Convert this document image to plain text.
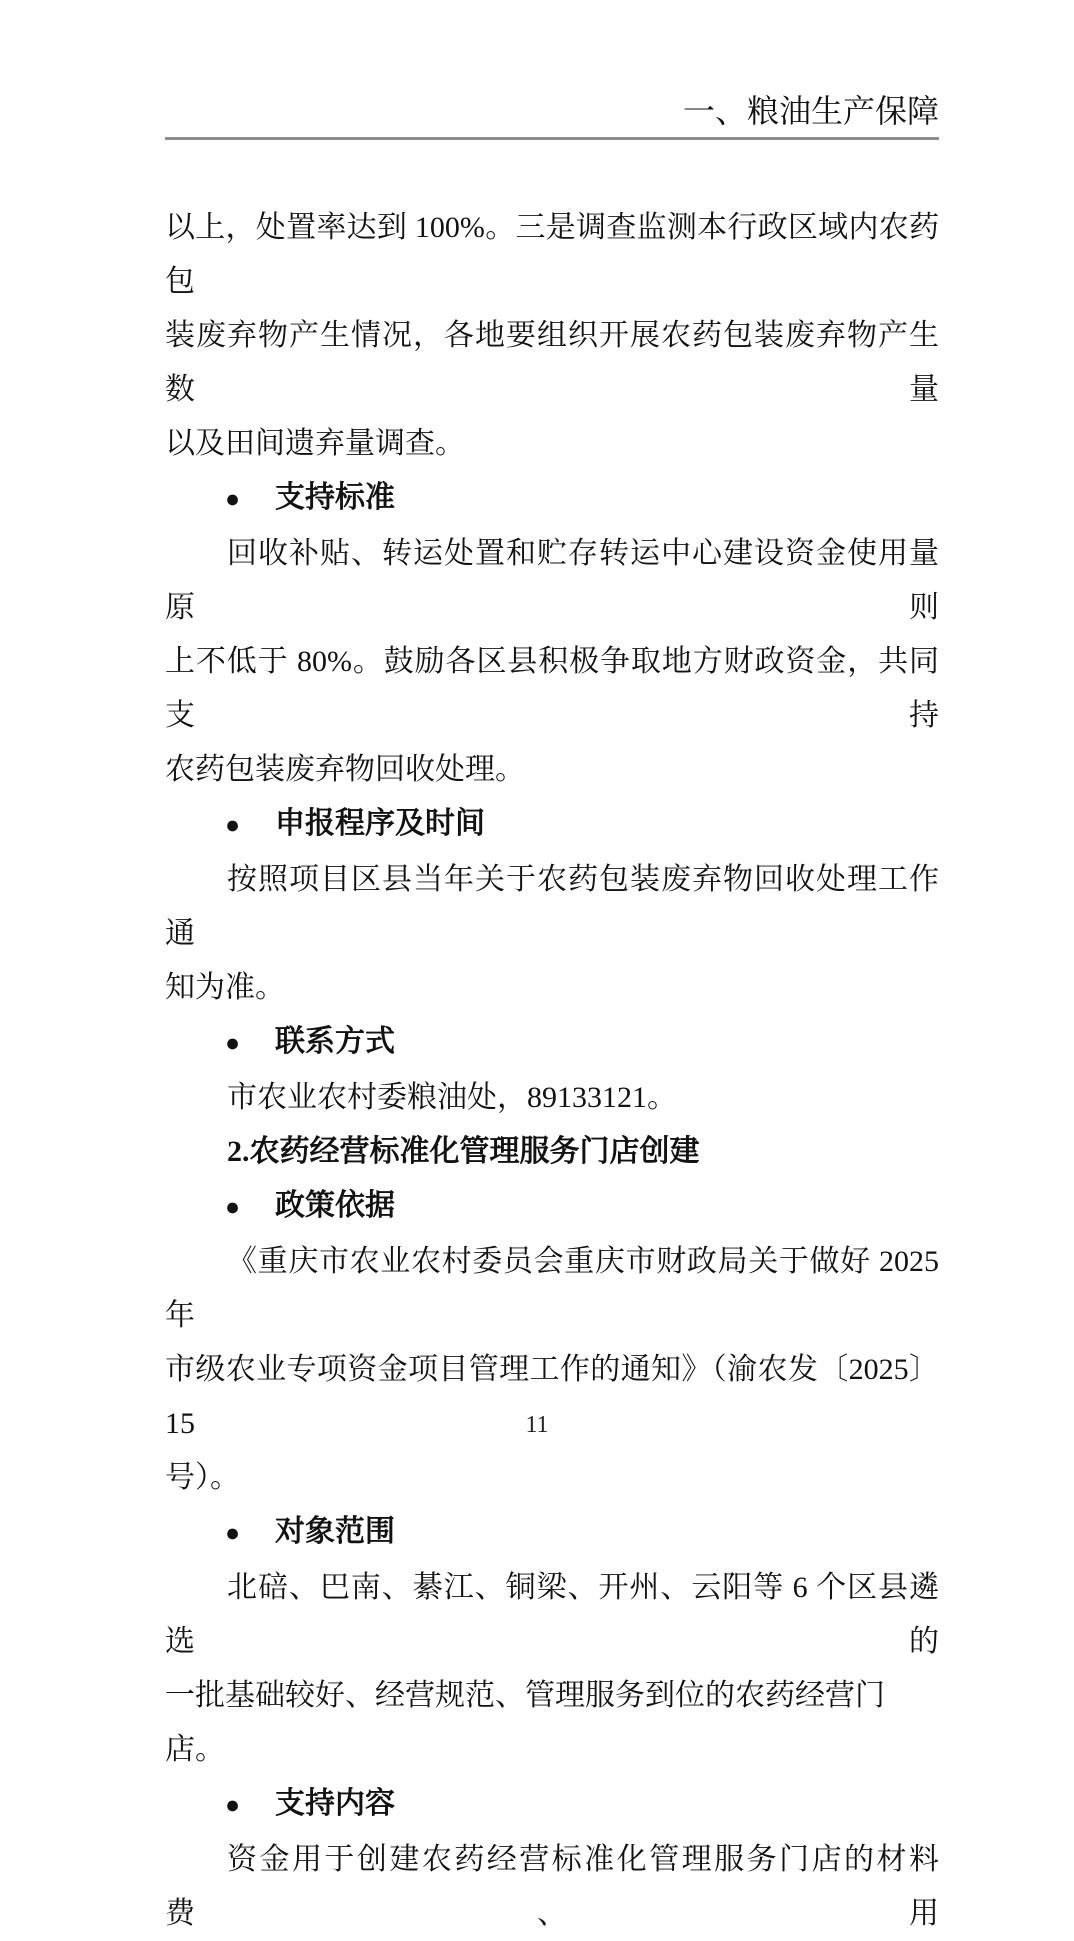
一、粮油生产保障

以上，处置率达到 100%。三是调查监测本行政区域内农药包
装废弃物产生情况，各地要组织开展农药包装废弃物产生数量
以及田间遗弃量调查。

● 支持标准

回收补贴、转运处置和贮存转运中心建设资金使用量原则
上不低于 80%。鼓励各区县积极争取地方财政资金，共同支持
农药包装废弃物回收处理。

● 申报程序及时间

按照项目区县当年关于农药包装废弃物回收处理工作通
知为准。

● 联系方式

市农业农村委粮油处，89133121。

2.农药经营标准化管理服务门店创建
● 政策依据

《重庆市农业农村委员会重庆市财政局关于做好 2025 年
市级农业专项资金项目管理工作的通知》（渝农发〔2025〕15
号）。

● 对象范围

北碚、巴南、綦江、铜梁、开州、云阳等 6 个区县遴选的
一批基础较好、经营规范、管理服务到位的农药经营门店。

● 支持内容

资金用于创建农药经营标准化管理服务门店的材料费、用

11
